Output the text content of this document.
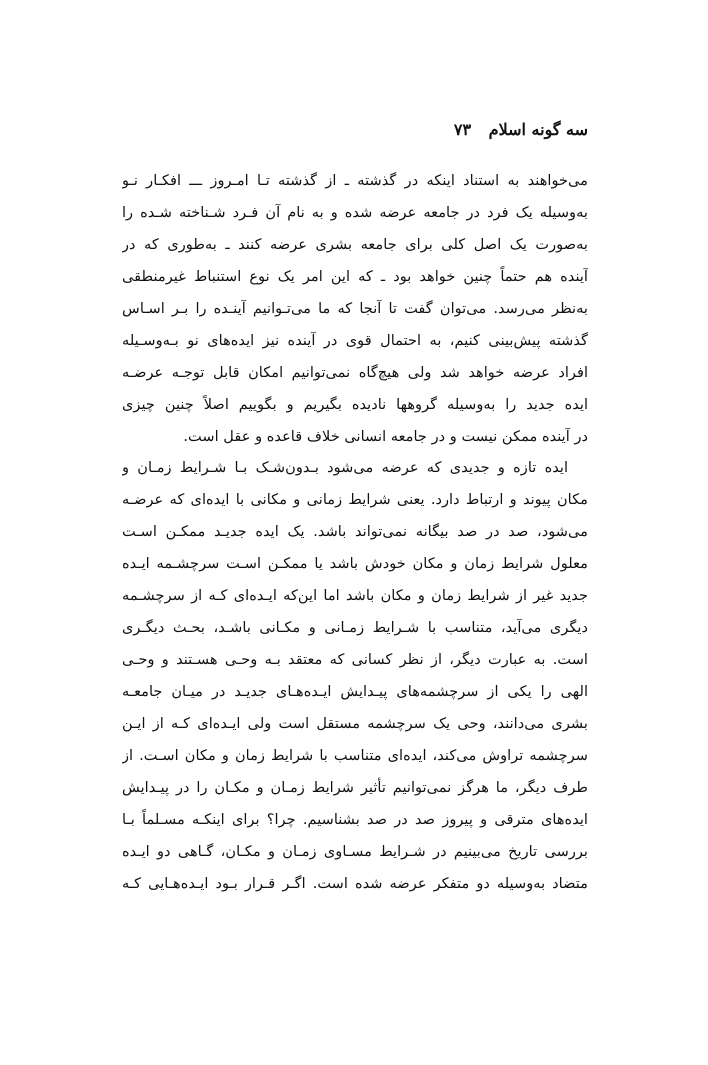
سه گونه اسلام ۷۳
می‌خواهند به استناد اینکه در گذشته ـ از گذشته تـا امـروز ـــ افکـار نـو
به‌وسیله یک فرد در جامعه عرضه شده و به نام آن فـرد شـناخته شـده را
به‌صورت یک اصل کلی برای جامعه بشری عرضه کنند ـ به‌طوری که در
آینده هم حتماً چنین خواهد بود ـ که این امر یک نوع استنباط غیرمنطقی
به‌نظر می‌رسد. می‌توان گفت تا آنجا که ما می‌تـوانیم آینـده را بـر اسـاس
گذشته پیش‌بینی کنیم، به احتمال قوی در آینده نیز ایده‌های نو بـه‌وسـیله
افراد عرضه خواهد شد ولی هیچ‌گاه نمی‌توانیم امکان قابل توجـه عرضـه
ایده جدید را به‌وسیله گروهها نادیده بگیریم و بگوییم اصلاً چنین چیزی
در آینده ممکن نیست و در جامعه انسانی خلاف قاعده و عقل است.
ایده تازه و جدیدی که عرضه می‌شود بـدون‌شـک بـا شـرایط زمـان و
مکان پیوند و ارتباط دارد. یعنی شرایط زمانی و مکانی با ایده‌ای که عرضـه
می‌شود، صد در صد بیگانه نمی‌تواند باشد. یک ایده جدیـد ممکـن اسـت
معلول شرایط زمان و مکان خودش باشد یا ممکـن اسـت سرچشـمه ایـده
جدید غیر از شرایط زمان و مکان باشد اما این‌که ایـده‌ای کـه از سرچشـمه
دیگری می‌آید، متناسب با شـرایط زمـانی و مکـانی باشـد، بحـث دیگـری
است. به عبارت دیگر، از نظر کسانی که معتقد بـه وحـی هسـتند و وحـی
الهی را یکی از سرچشمه‌های پیـدایش ایـده‌هـای جدیـد در میـان جامعـه
بشری می‌دانند، وحی یک سرچشمه مستقل است ولی ایـده‌ای کـه از ایـن
سرچشمه تراوش می‌کند، ایده‌ای متناسب با شرایط زمان و مکان اسـت. از
طرف دیگر، ما هرگز نمی‌توانیم تأثیر شرایط زمـان و مکـان را در پیـدایش
ایده‌های مترقی و پیروز صد در صد بشناسیم. چرا؟ برای اینکـه مسـلماً بـا
بررسی تاریخ می‌بینیم در شـرایط مسـاوی زمـان و مکـان، گـاهی دو ایـده
متضاد به‌وسیله دو متفکر عرضه شده است. اگـر قـرار بـود ایـده‌هـایی کـه
